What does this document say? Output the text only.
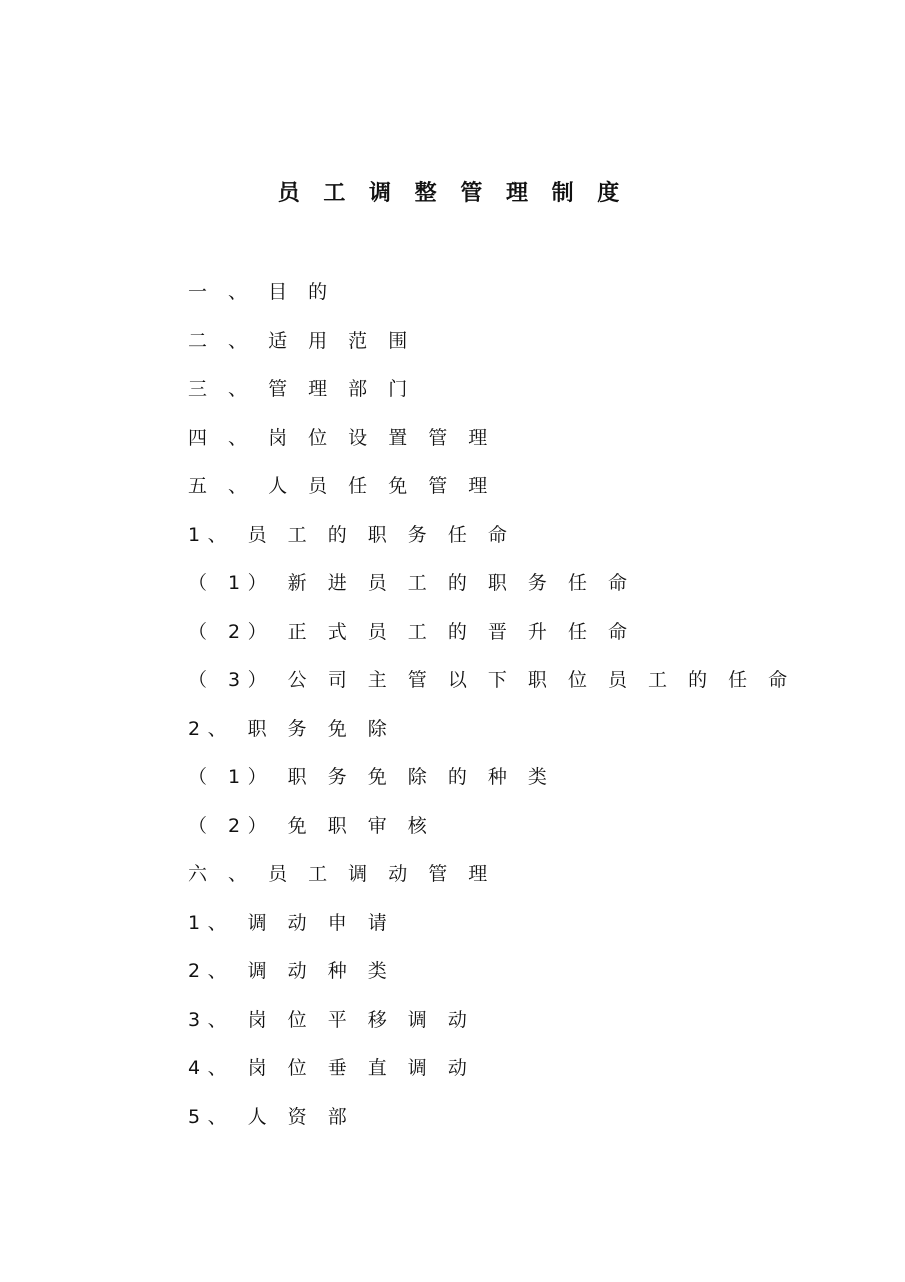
员 工 调 整 管 理 制 度
一 、 目 的
二 、 适 用 范 围
三 、 管 理 部 门
四 、 岗 位 设 置 管 理
五 、 人 员 任 免 管 理
1、 员 工 的 职 务 任 命
（ 1） 新 进 员 工 的 职 务 任 命
（ 2） 正 式 员 工 的 晋 升 任 命
（ 3） 公 司 主 管 以 下 职 位 员 工 的 任 命
2、 职 务 免 除
（ 1） 职 务 免 除 的 种 类
（ 2） 免 职 审 核
六 、 员 工 调 动 管 理
1、 调 动 申 请
2、 调 动 种 类
3、 岗 位 平 移 调 动
4、 岗 位 垂 直 调 动
5、 人 资 部
